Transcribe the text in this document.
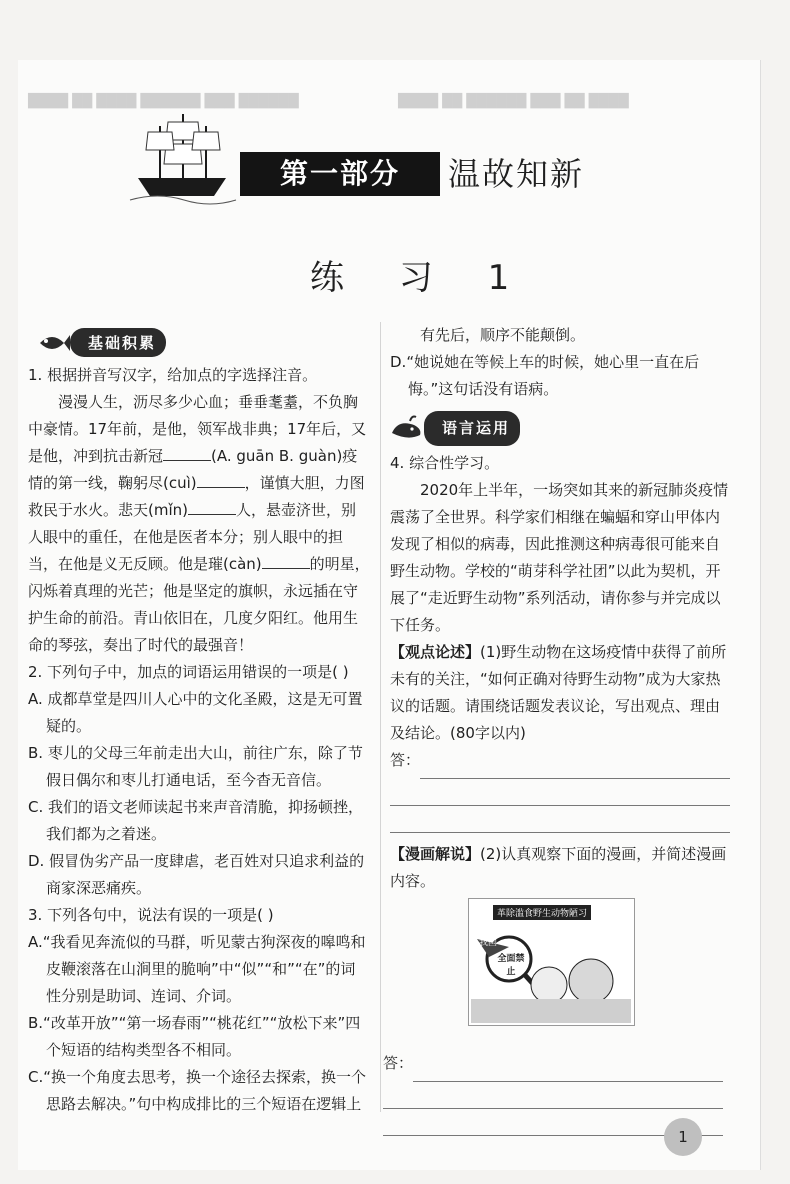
████ ██ ████ ██████ ███ ██████	████ ██ ██████ ███ ██ ████
第一部分	温故知新
练 习 1
基础积累

1. 根据拼音写汉字，给加点的字选择注音。

漫漫人生，沥尽多少心血；垂垂耄耋，不负胸中豪情。17年前，是他，领军战非典；17年后，又是他，冲到抗击新冠	(A. guān B. guàn)疫情的第一线，鞠躬尽(cuì)	，谨慎大胆，力图救民于水火。悲天(mǐn)	人，悬壶济世，别人眼中的重任，在他是医者本分；别人眼中的担当，在他是义无反顾。他是璀(càn)	的明星，闪烁着真理的光芒；他是坚定的旗帜，永远插在守护生命的前沿。青山依旧在，几度夕阳红。他用生命的琴弦，奏出了时代的最强音！

2. 下列句子中，加点的词语运用错误的一项是( )

A. 成都草堂是四川人心中的文化圣殿，这是无可置疑的。

B. 枣儿的父母三年前走出大山，前往广东，除了节假日偶尔和枣儿打通电话，至今杳无音信。

C. 我们的语文老师读起书来声音清脆，抑扬顿挫，我们都为之着迷。

D. 假冒伪劣产品一度肆虐，老百姓对只追求利益的商家深恶痛疾。

3. 下列各句中，说法有误的一项是( )

A.“我看见奔流似的马群，听见蒙古狗深夜的嗥鸣和皮鞭滚落在山涧里的脆响”中“似”“和”“在”的词性分别是助词、连词、介词。

B.“改革开放”“第一场春雨”“桃花红”“放松下来”四个短语的结构类型各不相同。

C.“换一个角度去思考，换一个途径去探索，换一个思路去解决。”句中构成排比的三个短语在逻辑上

有先后，顺序不能颠倒。

D.“她说她在等候上车的时候，她心里一直在后悔。”这句话没有语病。

语言运用

4. 综合性学习。

2020年上半年，一场突如其来的新冠肺炎疫情震荡了全世界。科学家们相继在蝙蝠和穿山甲体内发现了相似的病毒，因此推测这种病毒很可能来自野生动物。学校的“萌芽科学社团”以此为契机，开展了“走近野生动物”系列活动，请你参与并完成以下任务。

【观点论述】(1)野生动物在这场疫情中获得了前所未有的关注，“如何正确对待野生动物”成为大家热议的话题。请围绕话题发表议论，写出观点、理由及结论。(80字以内)

答：

【漫画解说】(2)认真观察下面的漫画，并简述漫画内容。

革除滥食野生动物陋习
全面禁止
我国

答：

1
